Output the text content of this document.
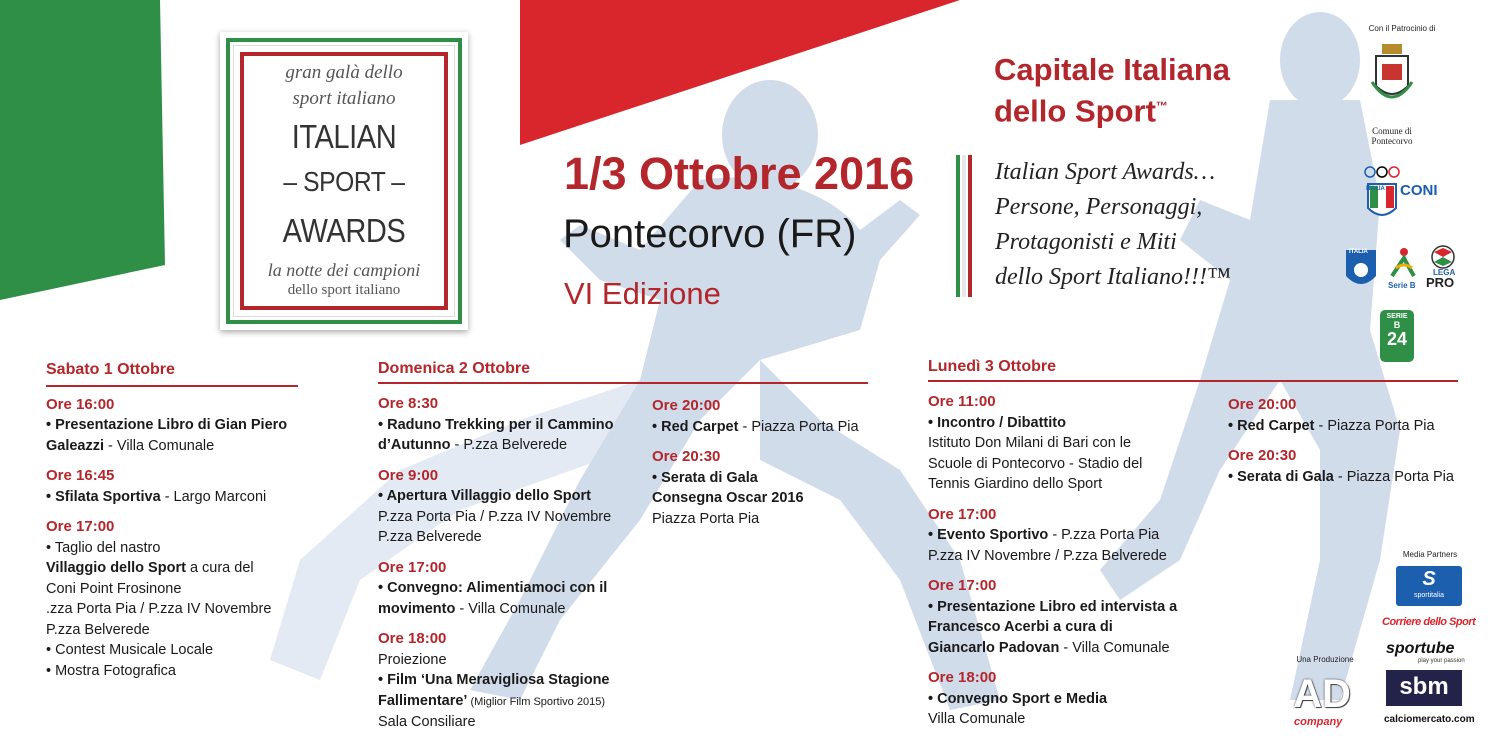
gran galà dello
sport italiano
ITALIAN
– SPORT –
AWARDS
la notte dei campioni
dello sport italiano
Capitale Italiana
dello Sport™
1/3 Ottobre 2016
Pontecorvo (FR)
VI Edizione
Italian Sport Awards…
Persone, Personaggi,
Protagonisti e Miti
dello Sport Italiano!!!™
Con il Patrocinio di
Comune di
Pontecorvo
ITALIA CONI
ITALIA
Serie B
LEGA
PRO
SERIE
B
24
Sabato 1 Ottobre
Ore 16:00
• Presentazione Libro di Gian Piero Galeazzi - Villa Comunale
Ore 16:45
• Sfilata Sportiva - Largo Marconi
Ore 17:00
• Taglio del nastro
Villaggio dello Sport a cura del
Coni Point Frosinone
.zza Porta Pia / P.zza IV Novembre
P.zza Belverede
• Contest Musicale Locale
• Mostra Fotografica
Domenica 2 Ottobre
Ore 8:30
• Raduno Trekking per il Cammino d’Autunno - P.zza Belverede
Ore 9:00
• Apertura Villaggio dello Sport
P.zza Porta Pia / P.zza IV Novembre
P.zza Belverede
Ore 17:00
• Convegno: Alimentiamoci con il movimento - Villa Comunale
Ore 18:00
Proiezione
• Film ‘Una Meravigliosa Stagione Fallimentare’ (Miglior Film Sportivo 2015)
Sala Consiliare
Ore 20:00
• Red Carpet - Piazza Porta Pia
Ore 20:30
• Serata di Gala
Consegna Oscar 2016
Piazza Porta Pia
Lunedì 3 Ottobre
Ore 11:00
• Incontro / Dibattito
Istituto Don Milani di Bari con le Scuole di Pontecorvo - Stadio del Tennis Giardino dello Sport
Ore 17:00
• Evento Sportivo - P.zza Porta Pia
P.zza IV Novembre / P.zza Belverede
Ore 17:00
• Presentazione Libro ed intervista a Francesco Acerbi a cura di Giancarlo Padovan - Villa Comunale
Ore 18:00
• Convegno Sport e Media
Villa Comunale
Ore 20:00
• Red Carpet - Piazza Porta Pia
Ore 20:30
• Serata di Gala - Piazza Porta Pia
Media Partners
S
sportitalia
Corriere dello Sport
sportube
play your passion
sbm
calciomercato.com
Una Produzione
AD
company
